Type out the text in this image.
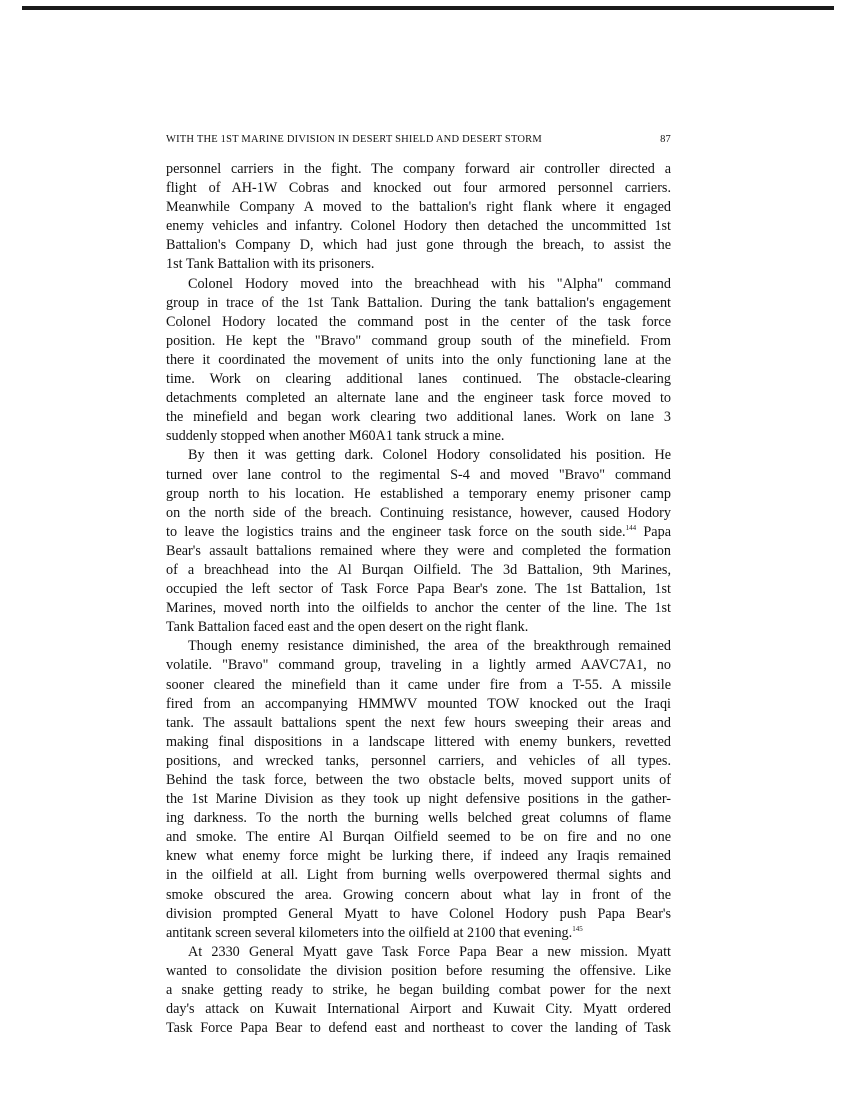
WITH THE 1ST MARINE DIVISION IN DESERT SHIELD AND DESERT STORM	87

personnel carriers in the fight. The company forward air controller directed a
flight of AH-1W Cobras and knocked out four armored personnel carriers.
Meanwhile Company A moved to the battalion's right flank where it engaged
enemy vehicles and infantry. Colonel Hodory then detached the uncommitted 1st
Battalion's Company D, which had just gone through the breach, to assist the
1st Tank Battalion with its prisoners.

Colonel Hodory moved into the breachhead with his "Alpha" command
group in trace of the 1st Tank Battalion. During the tank battalion's engagement
Colonel Hodory located the command post in the center of the task force
position. He kept the "Bravo" command group south of the minefield. From
there it coordinated the movement of units into the only functioning lane at the
time. Work on clearing additional lanes continued. The obstacle-clearing
detachments completed an alternate lane and the engineer task force moved to
the minefield and began work clearing two additional lanes. Work on lane 3
suddenly stopped when another M60A1 tank struck a mine.

By then it was getting dark. Colonel Hodory consolidated his position. He
turned over lane control to the regimental S-4 and moved "Bravo" command
group north to his location. He established a temporary enemy prisoner camp
on the north side of the breach. Continuing resistance, however, caused Hodory
to leave the logistics trains and the engineer task force on the south side.$^{144}$ Papa
Bear's assault battalions remained where they were and completed the formation
of a breachhead into the Al Burqan Oilfield. The 3d Battalion, 9th Marines,
occupied the left sector of Task Force Papa Bear's zone. The 1st Battalion, 1st
Marines, moved north into the oilfields to anchor the center of the line. The 1st
Tank Battalion faced east and the open desert on the right flank.

Though enemy resistance diminished, the area of the breakthrough remained
volatile. "Bravo" command group, traveling in a lightly armed AAVC7A1, no
sooner cleared the minefield than it came under fire from a T-55. A missile
fired from an accompanying HMMWV mounted TOW knocked out the Iraqi
tank. The assault battalions spent the next few hours sweeping their areas and
making final dispositions in a landscape littered with enemy bunkers, revetted
positions, and wrecked tanks, personnel carriers, and vehicles of all types.
Behind the task force, between the two obstacle belts, moved support units of
the 1st Marine Division as they took up night defensive positions in the gather-
ing darkness. To the north the burning wells belched great columns of flame
and smoke. The entire Al Burqan Oilfield seemed to be on fire and no one
knew what enemy force might be lurking there, if indeed any Iraqis remained
in the oilfield at all. Light from burning wells overpowered thermal sights and
smoke obscured the area. Growing concern about what lay in front of the
division prompted General Myatt to have Colonel Hodory push Papa Bear's
antitank screen several kilometers into the oilfield at 2100 that evening.$^{145}$

At 2330 General Myatt gave Task Force Papa Bear a new mission. Myatt
wanted to consolidate the division position before resuming the offensive. Like
a snake getting ready to strike, he began building combat power for the next
day's attack on Kuwait International Airport and Kuwait City. Myatt ordered
Task Force Papa Bear to defend east and northeast to cover the landing of Task
